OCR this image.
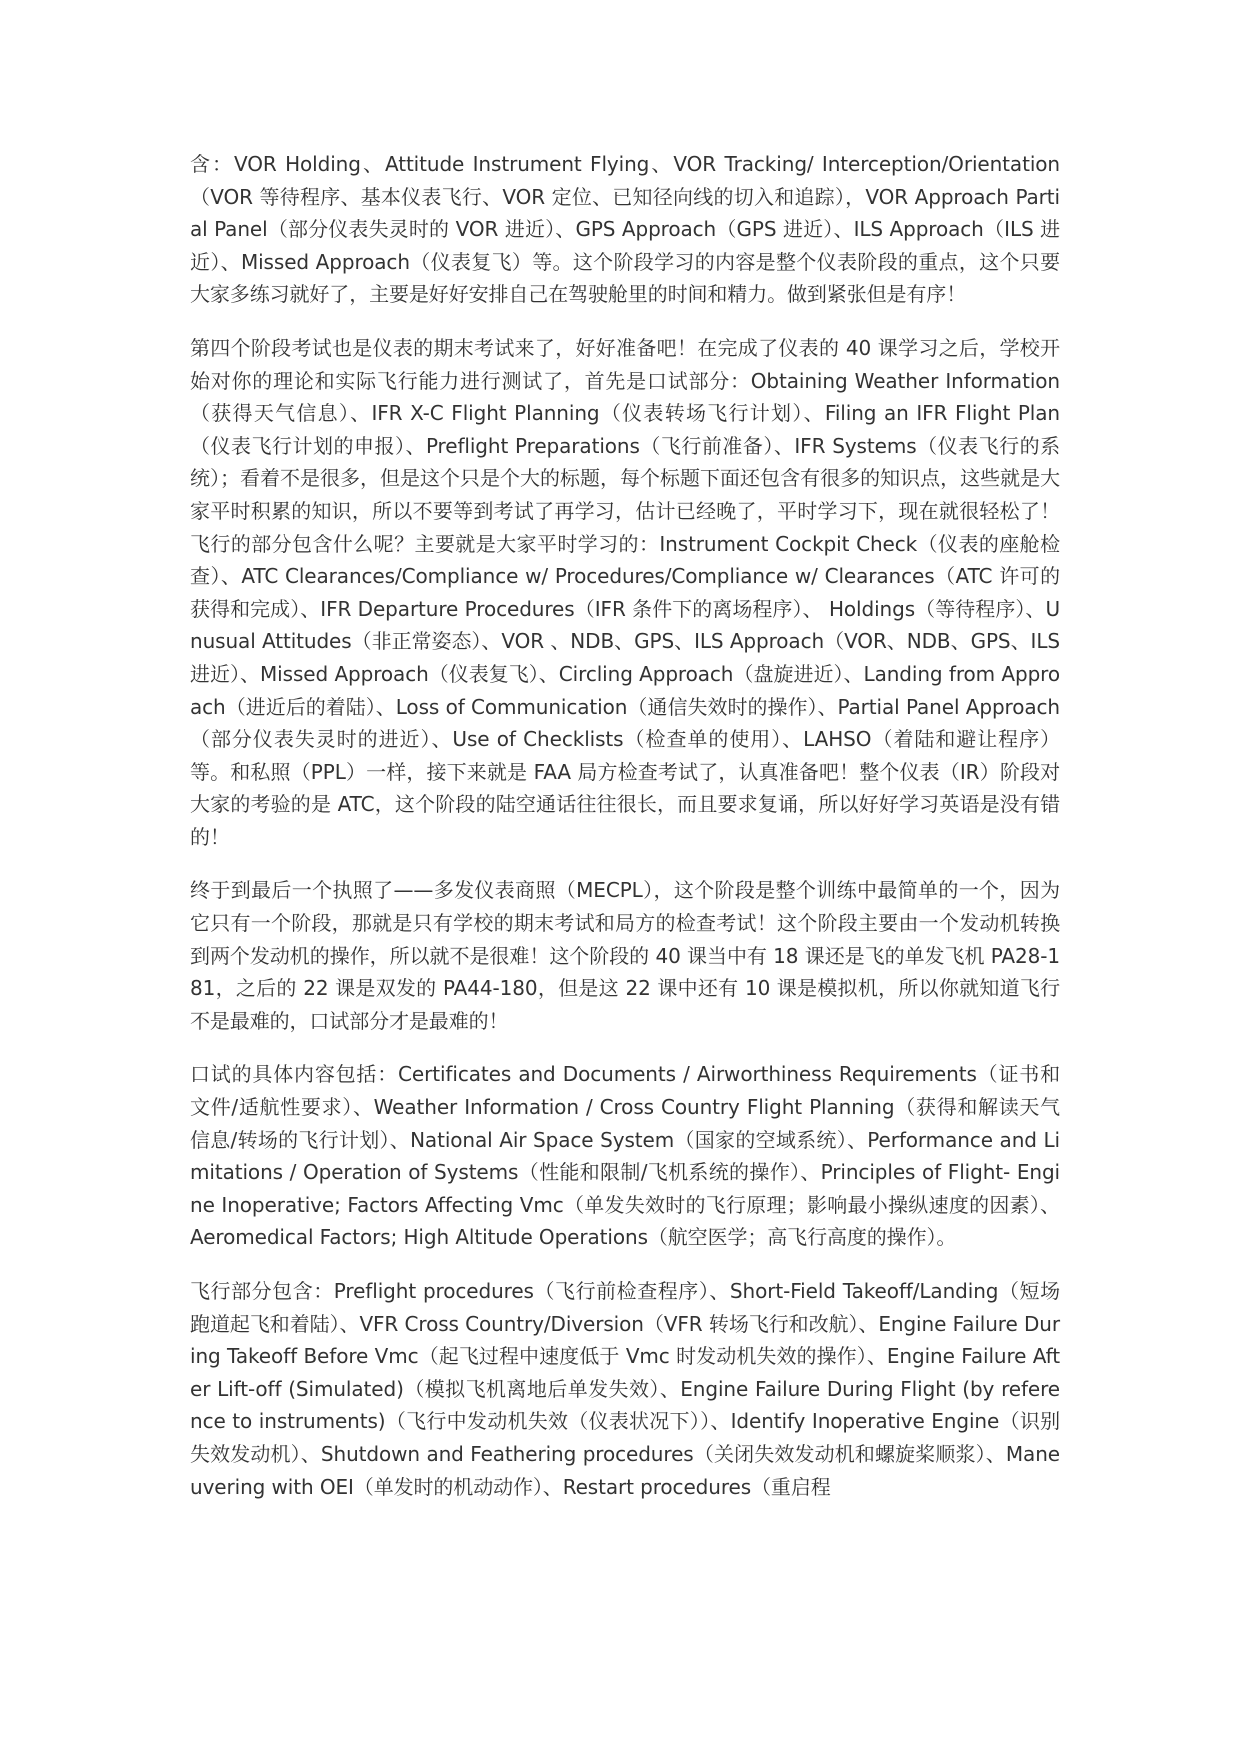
含：VOR Holding、Attitude Instrument Flying、VOR Tracking/ Interception/Orientation（VOR 等待程序、基本仪表飞行、VOR 定位、已知径向线的切入和追踪），VOR Approach Partial Panel（部分仪表失灵时的 VOR 进近）、GPS Approach（GPS 进近）、ILS Approach（ILS 进近）、Missed Approach（仪表复飞）等。这个阶段学习的内容是整个仪表阶段的重点，这个只要大家多练习就好了，主要是好好安排自己在驾驶舱里的时间和精力。做到紧张但是有序！

第四个阶段考试也是仪表的期末考试来了，好好准备吧！在完成了仪表的 40 课学习之后，学校开始对你的理论和实际飞行能力进行测试了，首先是口试部分：Obtaining Weather Information（获得天气信息）、IFR X-C Flight Planning（仪表转场飞行计划）、Filing an IFR Flight Plan（仪表飞行计划的申报）、Preflight Preparations（飞行前准备）、IFR Systems（仪表飞行的系统）；看着不是很多，但是这个只是个大的标题，每个标题下面还包含有很多的知识点，这些就是大家平时积累的知识，所以不要等到考试了再学习，估计已经晚了，平时学习下，现在就很轻松了！飞行的部分包含什么呢？主要就是大家平时学习的：Instrument Cockpit Check（仪表的座舱检查）、ATC Clearances/Compliance w/ Procedures/Compliance w/ Clearances（ATC 许可的获得和完成）、IFR Departure Procedures（IFR 条件下的离场程序）、 Holdings（等待程序）、Unusual Attitudes（非正常姿态）、VOR 、NDB、GPS、ILS Approach（VOR、NDB、GPS、ILS 进近）、Missed Approach（仪表复飞）、Circling Approach（盘旋进近）、Landing from Approach（进近后的着陆）、Loss of Communication（通信失效时的操作）、Partial Panel Approach（部分仪表失灵时的进近）、Use of Checklists（检查单的使用）、LAHSO（着陆和避让程序）等。和私照（PPL）一样，接下来就是 FAA 局方检查考试了，认真准备吧！整个仪表（IR）阶段对大家的考验的是 ATC，这个阶段的陆空通话往往很长，而且要求复诵，所以好好学习英语是没有错的！

终于到最后一个执照了——多发仪表商照（MECPL），这个阶段是整个训练中最简单的一个，因为它只有一个阶段，那就是只有学校的期末考试和局方的检查考试！这个阶段主要由一个发动机转换到两个发动机的操作，所以就不是很难！这个阶段的 40 课当中有 18 课还是飞的单发飞机 PA28-181，之后的 22 课是双发的 PA44-180，但是这 22 课中还有 10 课是模拟机，所以你就知道飞行不是最难的，口试部分才是最难的！

口试的具体内容包括：Certificates and Documents / Airworthiness Requirements（证书和文件/适航性要求）、Weather Information / Cross Country Flight Planning（获得和解读天气信息/转场的飞行计划）、National Air Space System（国家的空域系统）、Performance and Limitations / Operation of Systems（性能和限制/飞机系统的操作）、Principles of Flight- Engine Inoperative; Factors Affecting Vmc（单发失效时的飞行原理；影响最小操纵速度的因素）、Aeromedical Factors; High Altitude Operations（航空医学；高飞行高度的操作）。

飞行部分包含：Preflight procedures（飞行前检查程序）、Short-Field Takeoff/Landing（短场跑道起飞和着陆）、VFR Cross Country/Diversion（VFR 转场飞行和改航）、Engine Failure During Takeoff Before Vmc（起飞过程中速度低于 Vmc 时发动机失效的操作）、Engine Failure After Lift-off (Simulated)（模拟飞机离地后单发失效）、Engine Failure During Flight (by reference to instruments)（飞行中发动机失效（仪表状况下））、Identify Inoperative Engine（识别失效发动机）、Shutdown and Feathering procedures（关闭失效发动机和螺旋桨顺浆）、Maneuvering with OEI（单发时的机动动作）、Restart procedures（重启程
